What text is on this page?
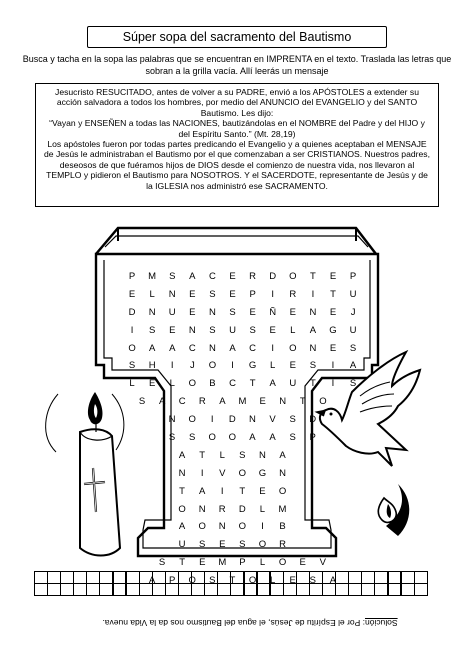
Súper sopa del sacramento del Bautismo
Busca y tacha en la sopa las palabras que se encuentran en IMPRENTA en el texto. Traslada las letras que sobran a la grilla vacía. Allí leerás un mensaje

Jesucristo RESUCITADO, antes de volver a su PADRE, envió a los APÓSTOLES a extender su acción salvadora a todos los hombres, por medio del ANUNCIO del EVANGELIO y del SANTO Bautismo. Les dijo:

“Vayan y ENSEÑEN a todas las NACIONES, bautizándolas en el NOMBRE del Padre y del HIJO y del Espíritu Santo.” (Mt. 28,19)

Los apóstoles fueron por todas partes predicando el Evangelio y a quienes aceptaban el MENSAJE de Jesús le administraban el Bautismo por el que comenzaban a ser CRISTIANOS. Nuestros padres, deseosos de que fuéramos hijos de DIOS desde el comienzo de nuestra vida, nos llevaron al TEMPLO y pidieron el Bautismo para NOSOTROS. Y el SACERDOTE, representante de Jesús y de la IGLESIA nos administró ese SACRAMENTO.

P	M	S	A	C	E	R	D	O	T	E	P
E	L	N	E	S	E	P	I	R	I	T	U
D	N	U	E	N	S	E	Ñ	E	N	E	J
I	S	E	N	S	U	S	E	L	A	G	U
O	A	A	C	N	A	C	I	O	N	E	S
S	H	I	J	O	I	G	L	E	S	I	A
L	E	L	O	B	C	T	A	U	T	I	S
S	A	C	R	A	M	E	N	T	O
N	O	I	D	N	V	S	D
S	S	O	O	A	A	S	P
A	T	L	S	N	A
N	I	V	O	G	N
T	A	I	T	E	O
O	N	R	D	L	M
A	O	N	O	I	B
U	S	E	S	O	R
S	T	E	M	P	L	O	E	V
A	P	O	S	T	O	L	E	S	A
Solución: Por el Espíritu de Jesús, el agua del Bautismo nos da la Vida nueva.
